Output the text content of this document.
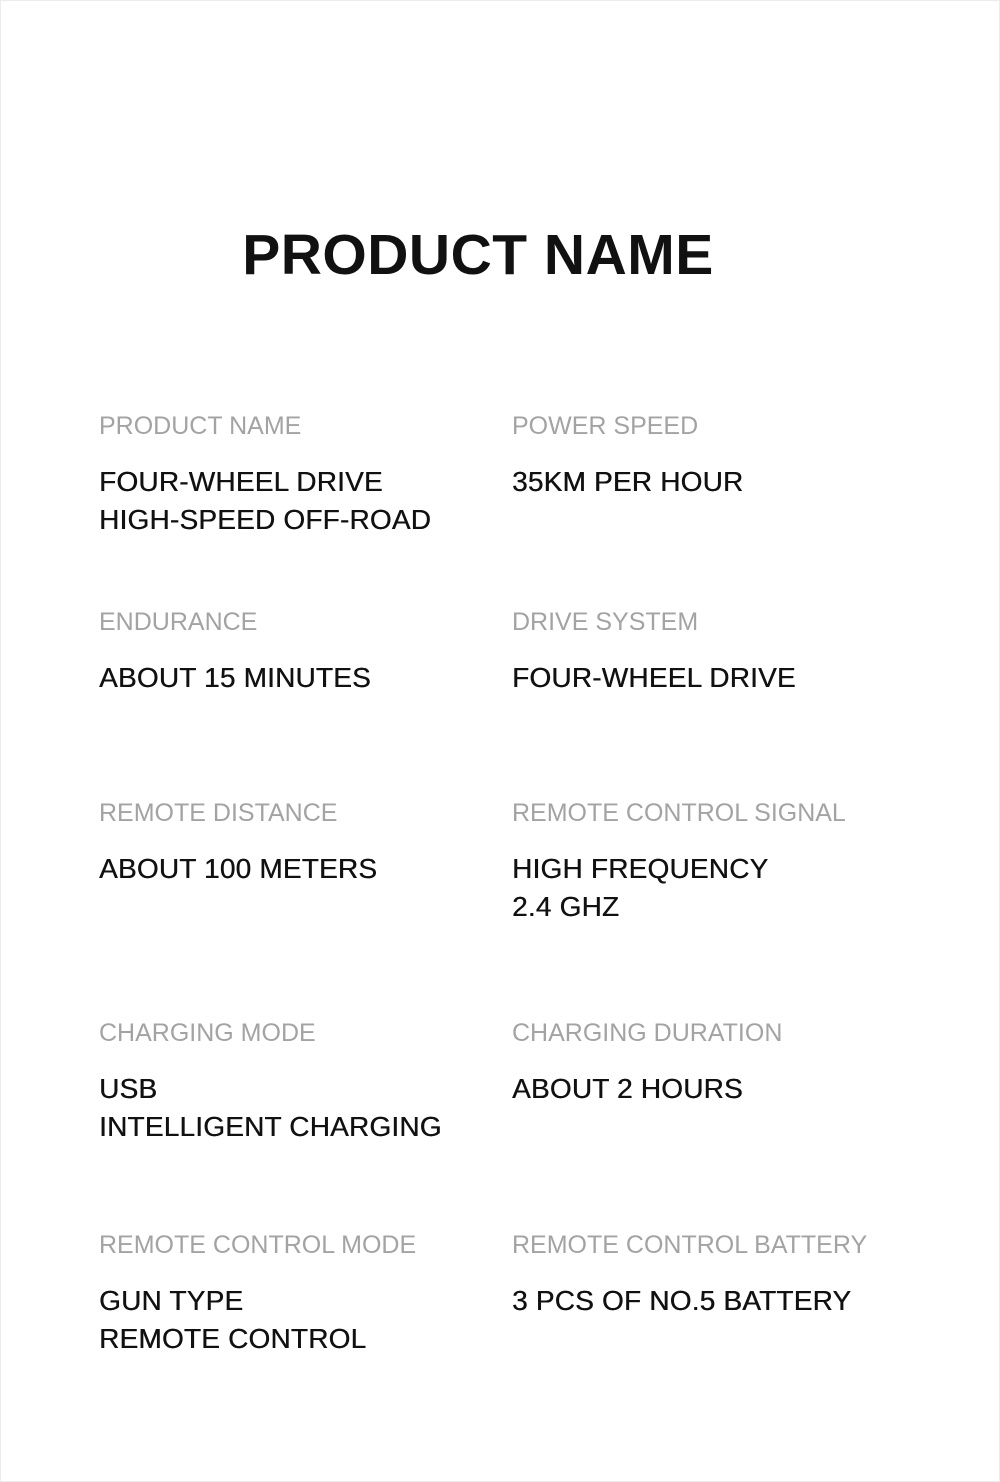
PRODUCT NAME
PRODUCT NAME
FOUR-WHEEL DRIVE
HIGH-SPEED OFF-ROAD
POWER SPEED
35KM PER HOUR
ENDURANCE
ABOUT 15 MINUTES
DRIVE SYSTEM
FOUR-WHEEL DRIVE
REMOTE DISTANCE
ABOUT 100 METERS
REMOTE CONTROL SIGNAL
HIGH FREQUENCY
2.4 GHZ
CHARGING MODE
USB
INTELLIGENT CHARGING
CHARGING DURATION
ABOUT 2 HOURS
REMOTE CONTROL MODE
GUN TYPE
REMOTE CONTROL
REMOTE CONTROL BATTERY
3 PCS OF NO.5 BATTERY
